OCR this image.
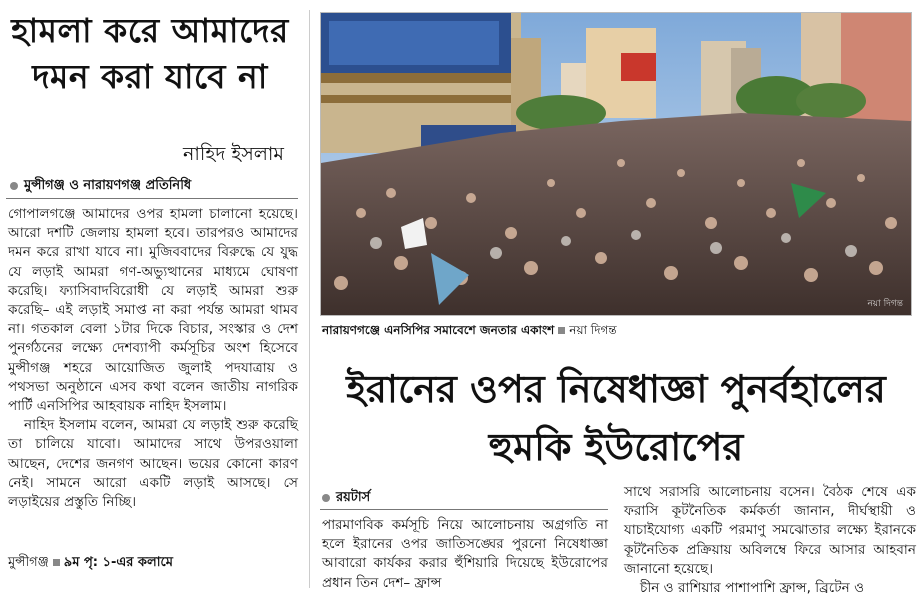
হামলা করে আমাদের দমন করা যাবে না
নাহিদ ইসলাম
মুন্সীগঞ্জ ও নারায়ণগঞ্জ প্রতিনিধি

গোপালগঞ্জে আমাদের ওপর হামলা চালানো হয়েছে। আরো দশটি জেলায় হামলা হবে। তারপরও আমাদের দমন করে রাখা যাবে না। মুজিববাদের বিরুদ্ধে যে যুদ্ধ যে লড়াই আমরা গণ-অভ্যুত্থানের মাধ্যমে ঘোষণা করেছি। ফ্যাসিবাদবিরোধী যে লড়াই আমরা শুরু করেছি– এই লড়াই সমাপ্ত না করা পর্যন্ত আমরা থামব না। গতকাল বেলা ১টার দিকে বিচার, সংস্কার ও দেশ পুনর্গঠনের লক্ষ্যে দেশব্যাপী কর্মসূচির অংশ হিসেবে মুন্সীগঞ্জ শহরে আয়োজিত জুলাই পদযাত্রায় ও পথসভা অনুষ্ঠানে এসব কথা বলেন জাতীয় নাগরিক পার্টি এনসিপির আহবায়ক নাহিদ ইসলাম।

নাহিদ ইসলাম বলেন, আমরা যে লড়াই শুরু করেছি তা চালিয়ে যাবো। আমাদের সাথে উপরওয়ালা আছেন, দেশের জনগণ আছেন। ভয়ের কোনো কারণ নেই। সামনে আরো একটি লড়াই আসছে। সে লড়াইয়ের প্রস্তুতি নিচ্ছি।

মুন্সীগঞ্জ ৯ম পৃ: ১-এর কলামে
নয়া দিগন্ত
নারায়ণগঞ্জে এনসিপির সমাবেশে জনতার একাংশ নয়া দিগন্ত
ইরানের ওপর নিষেধাজ্ঞা পুনর্বহালের হুমকি ইউরোপের
রয়টার্স

পারমাণবিক কর্মসূচি নিয়ে আলোচনায় অগ্রগতি না হলে ইরানের ওপর জাতিসঙ্ঘের পুরনো নিষেধাজ্ঞা আবারো কার্যকর করার হুঁশিয়ারি দিয়েছে ইউরোপের প্রধান তিন দেশ– ফ্রান্স

সাথে সরাসরি আলোচনায় বসেন। বৈঠক শেষে এক ফরাসি কূটনৈতিক কর্মকর্তা জানান, দীর্ঘস্থায়ী ও যাচাইযোগ্য একটি পরমাণু সমঝোতার লক্ষ্যে ইরানকে কূটনৈতিক প্রক্রিয়ায় অবিলম্বে ফিরে আসার আহবান জানানো হয়েছে।

চীন ও রাশিয়ার পাশাপাশি ফ্রান্স, ব্রিটেন ও
